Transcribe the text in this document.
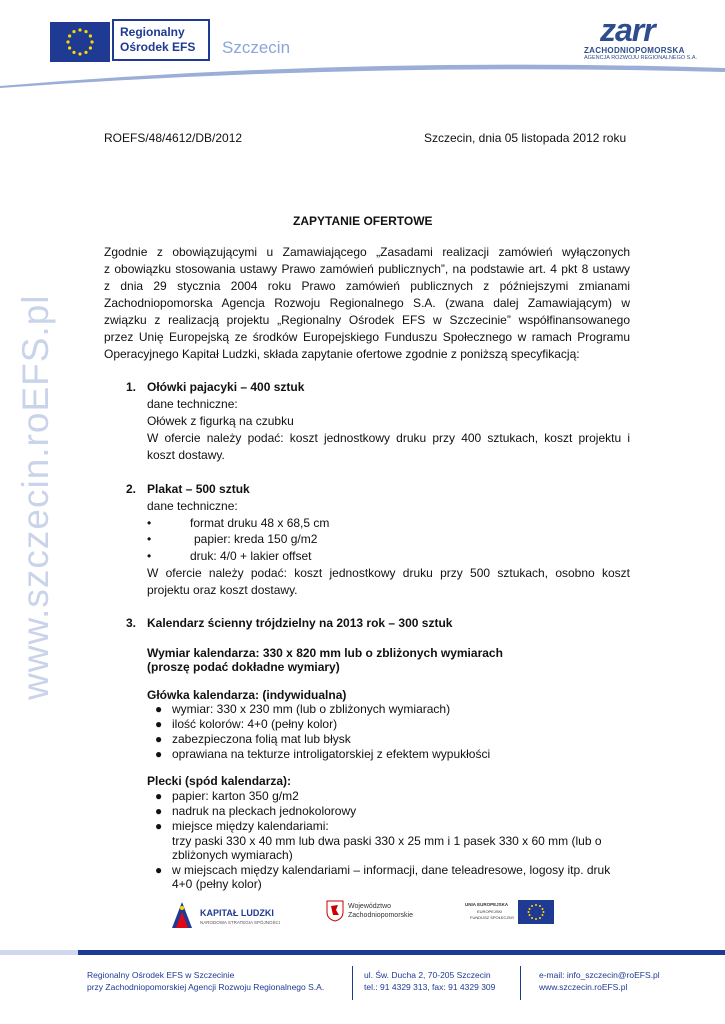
Regionalny
Ośrodek EFS	Szczecin	zarr
ZACHODNIOPOMORSKA
AGENCJA ROZWOJU REGIONALNEGO S.A.
www.szczecin.roEFS.pl
ROEFS/48/4612/DB/2012	Szczecin, dnia 05 listopada 2012 roku
ZAPYTANIE OFERTOWE
Zgodnie z obowiązującymi u Zamawiającego „Zasadami realizacji zamówień wyłączonych
z obowiązku stosowania ustawy Prawo zamówień publicznych”, na podstawie art. 4 pkt 8 ustawy
z dnia 29 stycznia 2004 roku Prawo zamówień publicznych z późniejszymi zmianami
Zachodniopomorska Agencja Rozwoju Regionalnego S.A. (zwana dalej Zamawiającym) w
związku z realizacją projektu „Regionalny Ośrodek EFS w Szczecinie” współfinansowanego
przez Unię Europejską ze środków Europejskiego Funduszu Społecznego w ramach Programu
Operacyjnego Kapitał Ludzki, składa zapytanie ofertowe zgodnie z poniższą specyfikacją:
1. Ołówki pajacyki – 400 sztuk
dane techniczne:
Ołówek z figurką na czubku
W ofercie należy podać: koszt jednostkowy druku przy 400 sztukach, koszt projektu i
koszt dostawy.
2. Plakat – 500 sztuk
dane techniczne:
•	format druku 48 x 68,5 cm
•	papier: kreda 150 g/m2
•	druk: 4/0 + lakier offset
W ofercie należy podać: koszt jednostkowy druku przy 500 sztukach, osobno koszt
projektu oraz koszt dostawy.
3. Kalendarz ścienny trójdzielny na 2013 rok – 300 sztuk
Wymiar kalendarza: 330 x 820 mm lub o zbliżonych wymiarach
(proszę podać dokładne wymiary)
Główka kalendarza: (indywidualna)
● wymiar: 330 x 230 mm (lub o zbliżonych wymiarach)
● ilość kolorów: 4+0 (pełny kolor)
● zabezpieczona folią mat lub błysk
● oprawiana na tekturze introligatorskiej z efektem wypukłości
Plecki (spód kalendarza):
● papier: karton 350 g/m2
● nadruk na pleckach jednokolorowy
● miejsce między kalendariami:
trzy paski 330 x 40 mm lub dwa paski 330 x 25 mm i 1 pasek 330 x 60 mm (lub o
zbliżonych wymiarach)
● w miejscach między kalendariami – informacji, dane teleadresowe, logosy itp. druk
4+0 (pełny kolor)
KAPITAŁ LUDZKI
NARODOWA STRATEGIA SPÓJNOŚCI
Województwo
Zachodniopomorskie
UNIA EUROPEJSKA
EUROPEJSKI
FUNDUSZ SPOŁECZNY
Regionalny Ośrodek EFS w Szczecinie
przy Zachodniopomorskiej Agencji Rozwoju Regionalnego S.A.
ul. Św. Ducha 2, 70-205 Szczecin
tel.: 91 4329 313, fax: 91 4329 309
e-mail: info_szczecin@roEFS.pl
www.szczecin.roEFS.pl
